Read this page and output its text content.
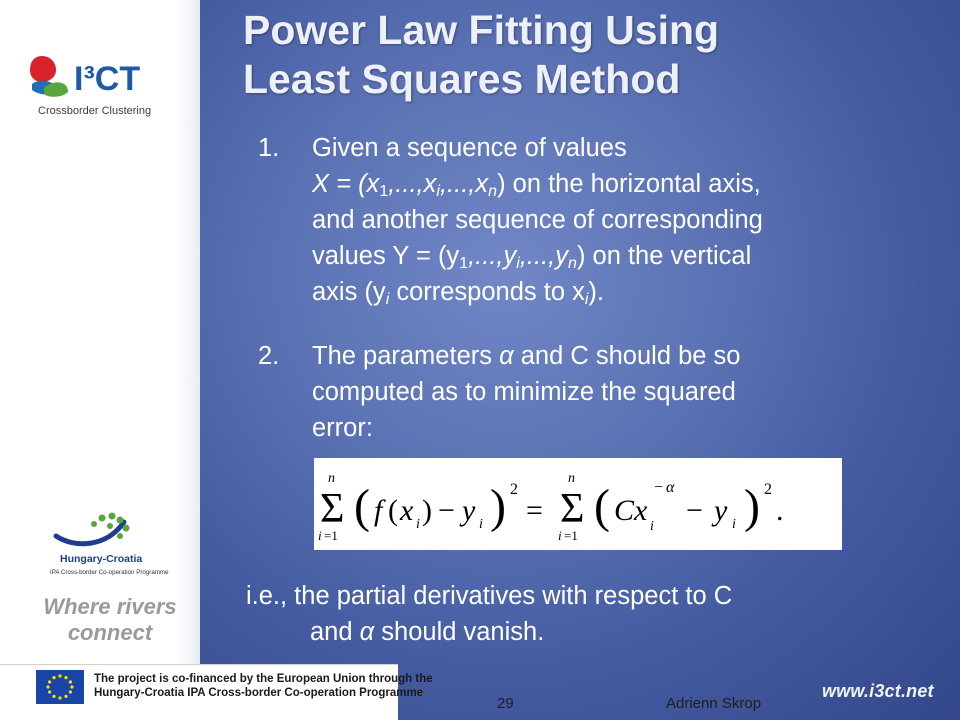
I³CT
Crossborder Clustering
Hungary-Croatia
IPA Cross-border Co-operation Programme
Where rivers
connect
Power Law Fitting Using
Least Squares Method
1. Given a sequence of values
$X = (x_1,...,x_i,...,x_n)$ on the horizontal axis,
and another sequence of corresponding
values $Y = (y_1,...,y_i,...,y_n)$ on the vertical
axis ($y_i$ corresponds to $x_i$).
2. The parameters α and C should be so
computed as to minimize the squared
error:
n
Σ
i =1
( f ( x i ) − y i ) 2
=
n
Σ
i =1
( Cx i
− α
− y i ) 2
.
i.e., the partial derivatives with respect to C
and α should vanish.
The project is co-financed by the European Union through the
Hungary-Croatia IPA Cross-border Co-operation Programme
29	Adrienn Skrop
www.i3ct.net
